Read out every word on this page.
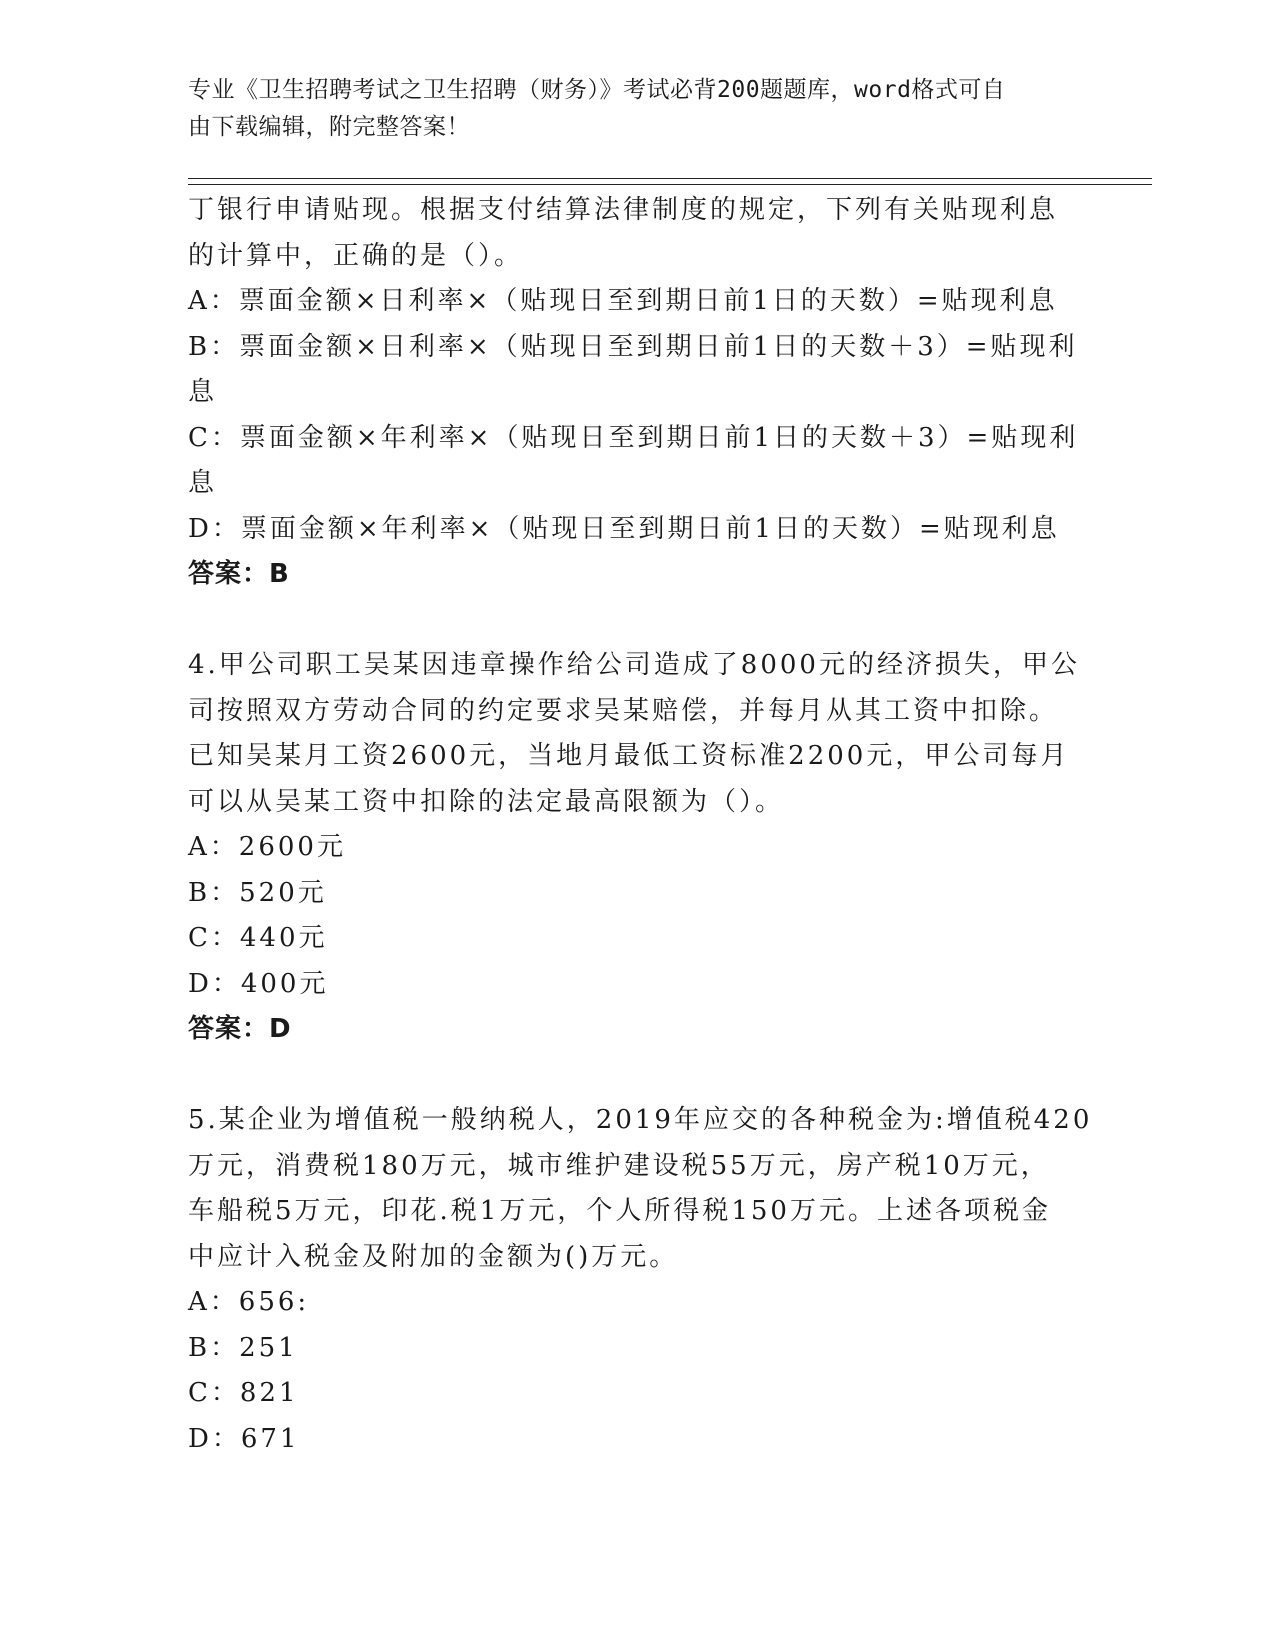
专业《卫生招聘考试之卫生招聘（财务）》考试必背200题题库，word格式可自
由下载编辑，附完整答案！
丁银行申请贴现。根据支付结算法律制度的规定，下列有关贴现利息
的计算中，正确的是（）。
A：票面金额×日利率×（贴现日至到期日前1日的天数）=贴现利息
B：票面金额×日利率×（贴现日至到期日前1日的天数＋3）=贴现利
息
C：票面金额×年利率×（贴现日至到期日前1日的天数＋3）=贴现利
息
D：票面金额×年利率×（贴现日至到期日前1日的天数）=贴现利息
答案：B
4.甲公司职工吴某因违章操作给公司造成了8000元的经济损失，甲公
司按照双方劳动合同的约定要求吴某赔偿，并每月从其工资中扣除。
已知吴某月工资2600元，当地月最低工资标准2200元，甲公司每月
可以从吴某工资中扣除的法定最高限额为（）。
A：2600元
B：520元
C：440元
D：400元
答案：D
5.某企业为增值税一般纳税人，2019年应交的各种税金为:增值税420
万元，消费税180万元，城市维护建设税55万元，房产税10万元，
车船税5万元，印花.税1万元，个人所得税150万元。上述各项税金
中应计入税金及附加的金额为()万元。
A：656:
B：251
C：821
D：671
